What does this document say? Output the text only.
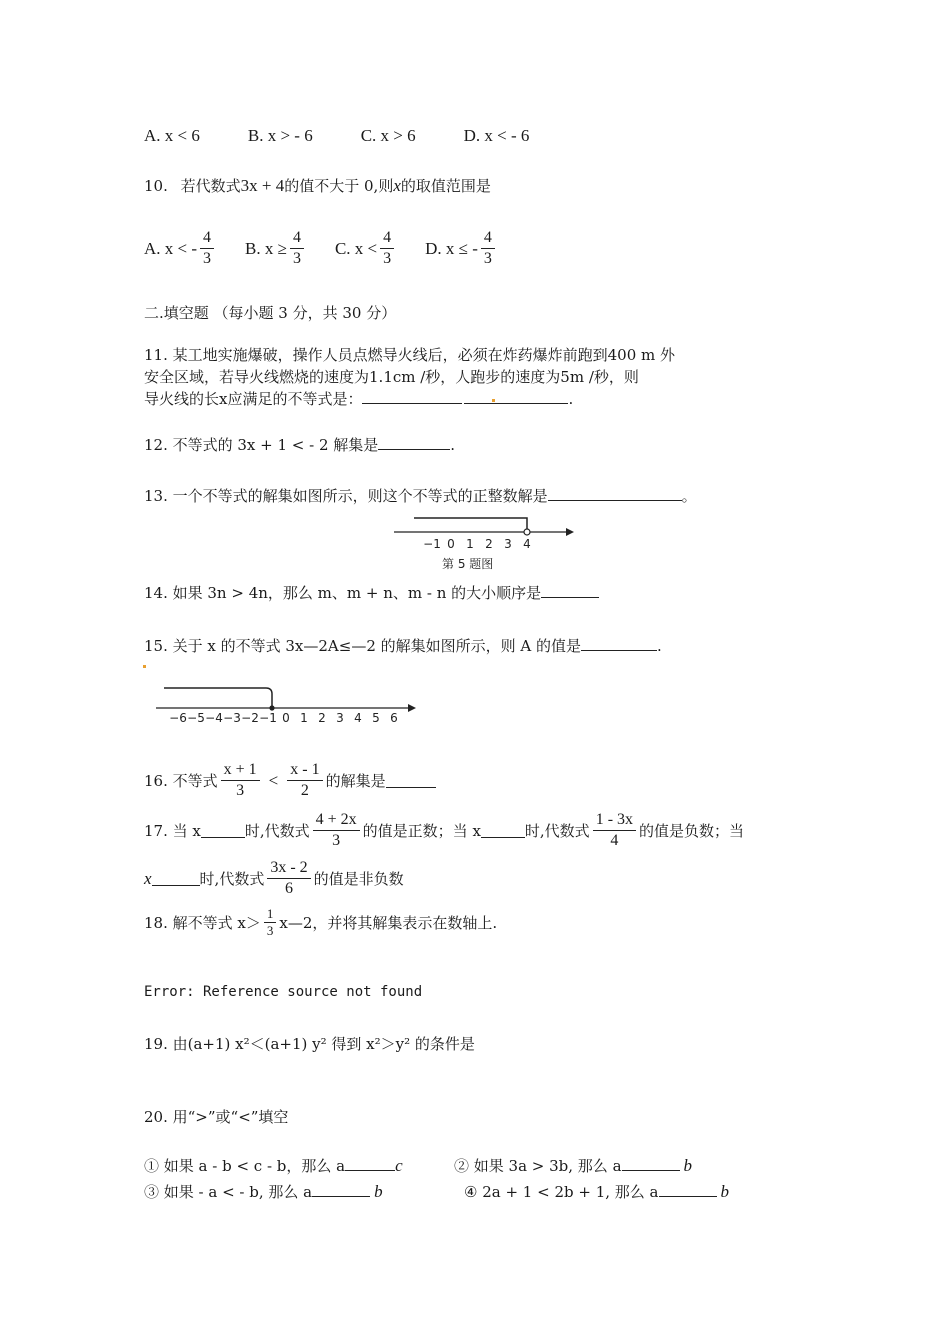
A. x < 6	B. x > - 6	C. x > 6	D. x < - 6
10. 若代数式3x + 4的值不大于 0,则x的取值范围是
A. x < - $\frac{4}{3} B$. $x \ge \frac{4}{3} C$. $x < \frac{4}{3} D$. x ≤ - $\frac{4}{3}$
二.填空题 （每小题 3 分，共 30 分）
11. 某工地实施爆破，操作人员点燃导火线后，必须在炸药爆炸前跑到400 m 外
安全区域，若导火线燃烧的速度为1.1cm /秒，人跑步的速度为5m /秒，则
导火线的长x应满足的不等式是：	.
12. 不等式的 3x + 1 < - 2 解集是	.
13. 一个不等式的解集如图所示，则这个不等式的正整数解是	。
−1 0 1 2 3 4
第 5 题图
14. 如果 3n > 4n，那么 m、m + n、m - n 的大小顺序是
15. 关于 x 的不等式 3x—2A≤—2 的解集如图所示，则 A 的值是	.
−6 −5 −4 −3 −2 −1 0 1 2 3 4 5 6
16. 不等式 $\frac{x + 1}{3} < \frac{x - 1}{2}$ 的解集是
17. 当 x	时,代数式 $\frac{4 + 2x}{3}$ 的值是正数；当 x	时,代数式 $\frac{1 - 3x}{4}$ 的值是负数；当
x	时,代数式 $\frac{3x - 2}{6}$ 的值是非负数
18. 解不等式 $x> \frac{1}{3}$ x—2，并将其解集表示在数轴上.
Error: Reference source not found
19. 由(a+1) x²＜(a+1) y² 得到 x²＞y² 的条件是
20. 用“>”或“<”填空
① 如果 a - b < c - b，那么 a	c	② 如果 3a > 3b, 那么 a	b
③ 如果 - a < - b, 那么 a	b	④ 2a + 1 < 2b + 1, 那么 a	b
